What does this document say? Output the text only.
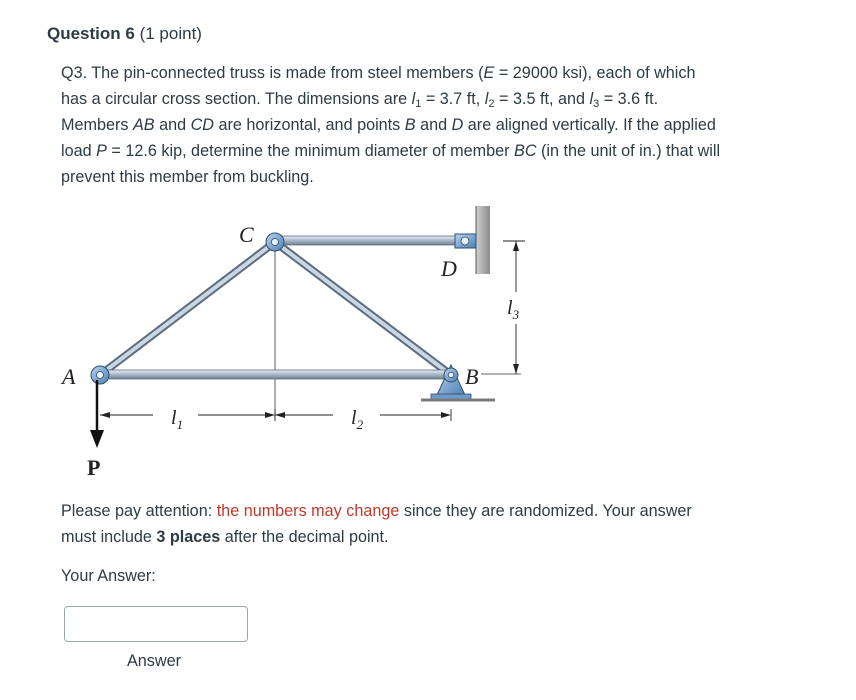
Question 6 (1 point)
Q3. The pin-connected truss is made from steel members (E = 29000 ksi), each of which has a circular cross section. The dimensions are $l_1 = 3.7$ ft, $l_2 = 3.5$ ft, and $l_3 = 3.6$ ft. Members AB and CD are horizontal, and points B and D are aligned vertically. If the applied load P = 12.6 kip, determine the minimum diameter of member BC (in the unit of in.) that will prevent this member from buckling.
A	B
C
D
P
$l_1$	$l_2$
$l_3$
Please pay attention: the numbers may change since they are randomized. Your answer must include 3 places after the decimal point.
Your Answer:
Answer
